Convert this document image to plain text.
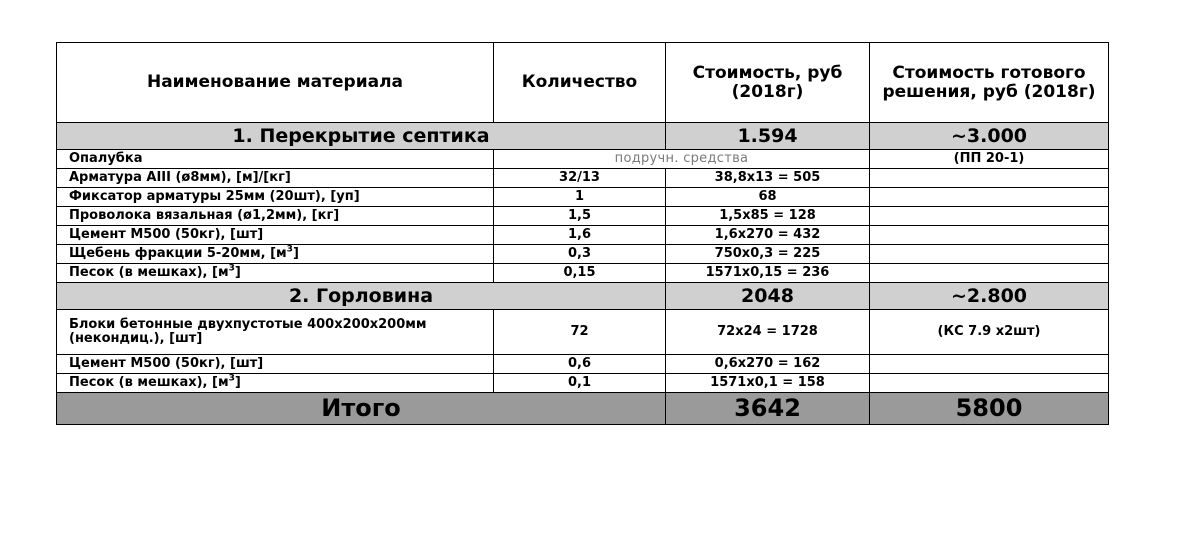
Наименование материала	Количество	Стоимость, руб (2018г)	Стоимость готового решения, руб (2018г)
1. Перекрытие септика		1.594	~3.000
Опалубка	подручн. средства		(ПП 20-1)
Арматура АIII (ø8мм), [м]/[кг]	32/13	38,8x13 = 505	
Фиксатор арматуры 25мм (20шт), [уп]	1	68	
Проволока вязальная (ø1,2мм), [кг]	1,5	1,5x85 = 128	
Цемент М500 (50кг), [шт]	1,6	1,6x270 = 432	
Щебень фракции 5-20мм, $[м^3]$	0,3	750x0,3 = 225	
Песок (в мешках), $[м^3]$	0,15	1571x0,15 = 236	
2. Горловина		2048	~2.800
Блоки бетонные двухпустотые 400x200x200мм (некондиц.), [шт]	72	72x24 = 1728	(КС 7.9 х2шт)
Цемент М500 (50кг), [шт]	0,6	0,6x270 = 162	
Песок (в мешках), $[м^3]$	0,1	1571x0,1 = 158	
Итого		3642	5800
